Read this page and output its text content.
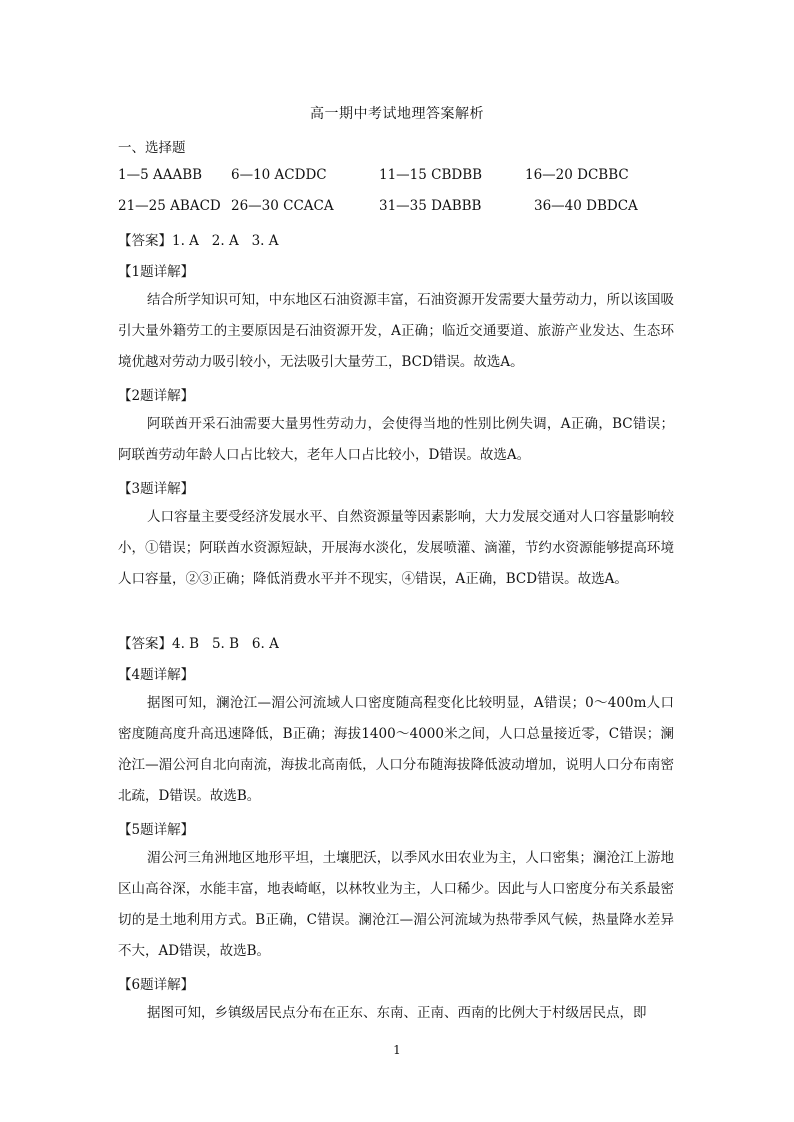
高一期中考试地理答案解析
一、选择题
1—5 AAABB 6—10 ACDDC	11—15 CBDBB	16—20 DCBBC
21—25 ABACD 26—30 CCACA	31—35 DABBB	36—40 DBDCA
【答案】1. A   2. A   3. A
【1题详解】

结合所学知识可知，中东地区石油资源丰富，石油资源开发需要大量劳动力，所以该国吸引大量外籍劳工的主要原因是石油资源开发，A正确；临近交通要道、旅游产业发达、生态环境优越对劳动力吸引较小，无法吸引大量劳工，BCD错误。故选A。

【2题详解】

阿联酋开采石油需要大量男性劳动力，会使得当地的性别比例失调，A正确，BC错误；阿联酋劳动年龄人口占比较大，老年人口占比较小，D错误。故选A。

【3题详解】

人口容量主要受经济发展水平、自然资源量等因素影响，大力发展交通对人口容量影响较小，①错误；阿联酋水资源短缺，开展海水淡化，发展喷灌、滴灌，节约水资源能够提高环境人口容量，②③正确；降低消费水平并不现实，④错误，A正确，BCD错误。故选A。

【答案】4. B   5. B   6. A
【4题详解】

据图可知，澜沧江—湄公河流域人口密度随高程变化比较明显，A错误；0～400m人口密度随高度升高迅速降低，B正确；海拔1400～4000米之间，人口总量接近零，C错误；澜沧江—湄公河自北向南流，海拔北高南低，人口分布随海拔降低波动增加，说明人口分布南密北疏，D错误。故选B。

【5题详解】

湄公河三角洲地区地形平坦，土壤肥沃，以季风水田农业为主，人口密集；澜沧江上游地区山高谷深，水能丰富，地表崎岖，以林牧业为主，人口稀少。因此与人口密度分布关系最密切的是土地利用方式。B正确，C错误。澜沧江—湄公河流域为热带季风气候，热量降水差异不大，AD错误，故选B。

【6题详解】

据图可知，乡镇级居民点分布在正东、东南、正南、西南的比例大于村级居民点，即

1
